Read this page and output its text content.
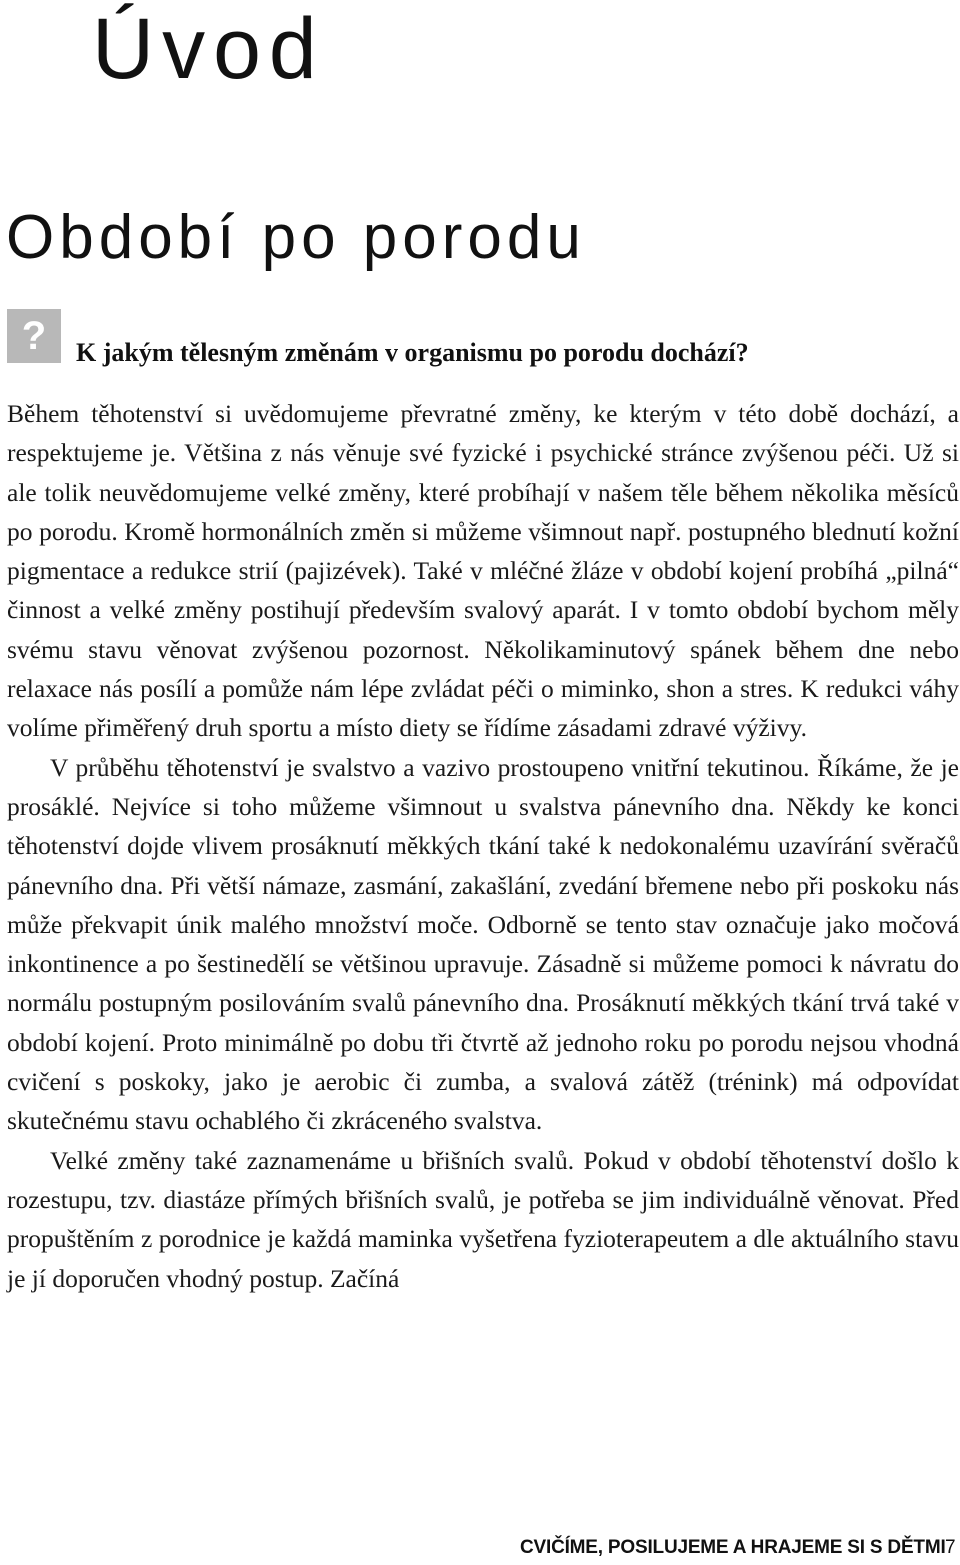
Úvod
Období po porodu
? K jakým tělesným změnám v organismu po porodu dochází?

Během těhotenství si uvědomujeme převratné změny, ke kterým v této době dochází, a respektujeme je. Většina z nás věnuje své fyzické i psychické stránce zvýšenou péči. Už si ale tolik neuvědomujeme velké změny, které probíhají v našem těle během několika měsíců po porodu. Kromě hormonálních změn si můžeme všimnout např. postupného blednutí kožní pigmentace a redukce strií (pajizévek). Také v mléčné žláze v období kojení probíhá „pilná“ činnost a velké změny postihují především svalový aparát. I v tomto období bychom měly svému stavu věnovat zvýšenou pozornost. Několikaminutový spánek během dne nebo relaxace nás posílí a pomůže nám lépe zvládat péči o miminko, shon a stres. K redukci váhy volíme přiměřený druh sportu a místo diety se řídíme zásadami zdravé výživy.

V průběhu těhotenství je svalstvo a vazivo prostoupeno vnitřní tekutinou. Říkáme, že je prosáklé. Nejvíce si toho můžeme všimnout u svalstva pánevního dna. Někdy ke konci těhotenství dojde vlivem prosáknutí měkkých tkání také k nedokonalému uzavírání svěračů pánevního dna. Při větší námaze, zasmání, zakašlání, zvedání břemene nebo při poskoku nás může překvapit únik malého množství moče. Odborně se tento stav označuje jako močová inkontinence a po šestinedělí se většinou upravuje. Zásadně si můžeme pomoci k návratu do normálu postupným posilováním svalů pánevního dna. Prosáknutí měkkých tkání trvá také v období kojení. Proto minimálně po dobu tři čtvrtě až jednoho roku po porodu nejsou vhodná cvičení s poskoky, jako je aerobic či zumba, a svalová zátěž (trénink) má odpovídat skutečnému stavu ochablého či zkráceného svalstva.

Velké změny také zaznamenáme u břišních svalů. Pokud v období těhotenství došlo k rozestupu, tzv. diastáze přímých břišních svalů, je potřeba se jim individuálně věnovat. Před propuštěním z porodnice je každá maminka vyšetřena fyzioterapeutem a dle aktuálního stavu je jí doporučen vhodný postup. Začíná

CVIČÍME, POSILUJEME A HRAJEME SI S DĚTMI 7
